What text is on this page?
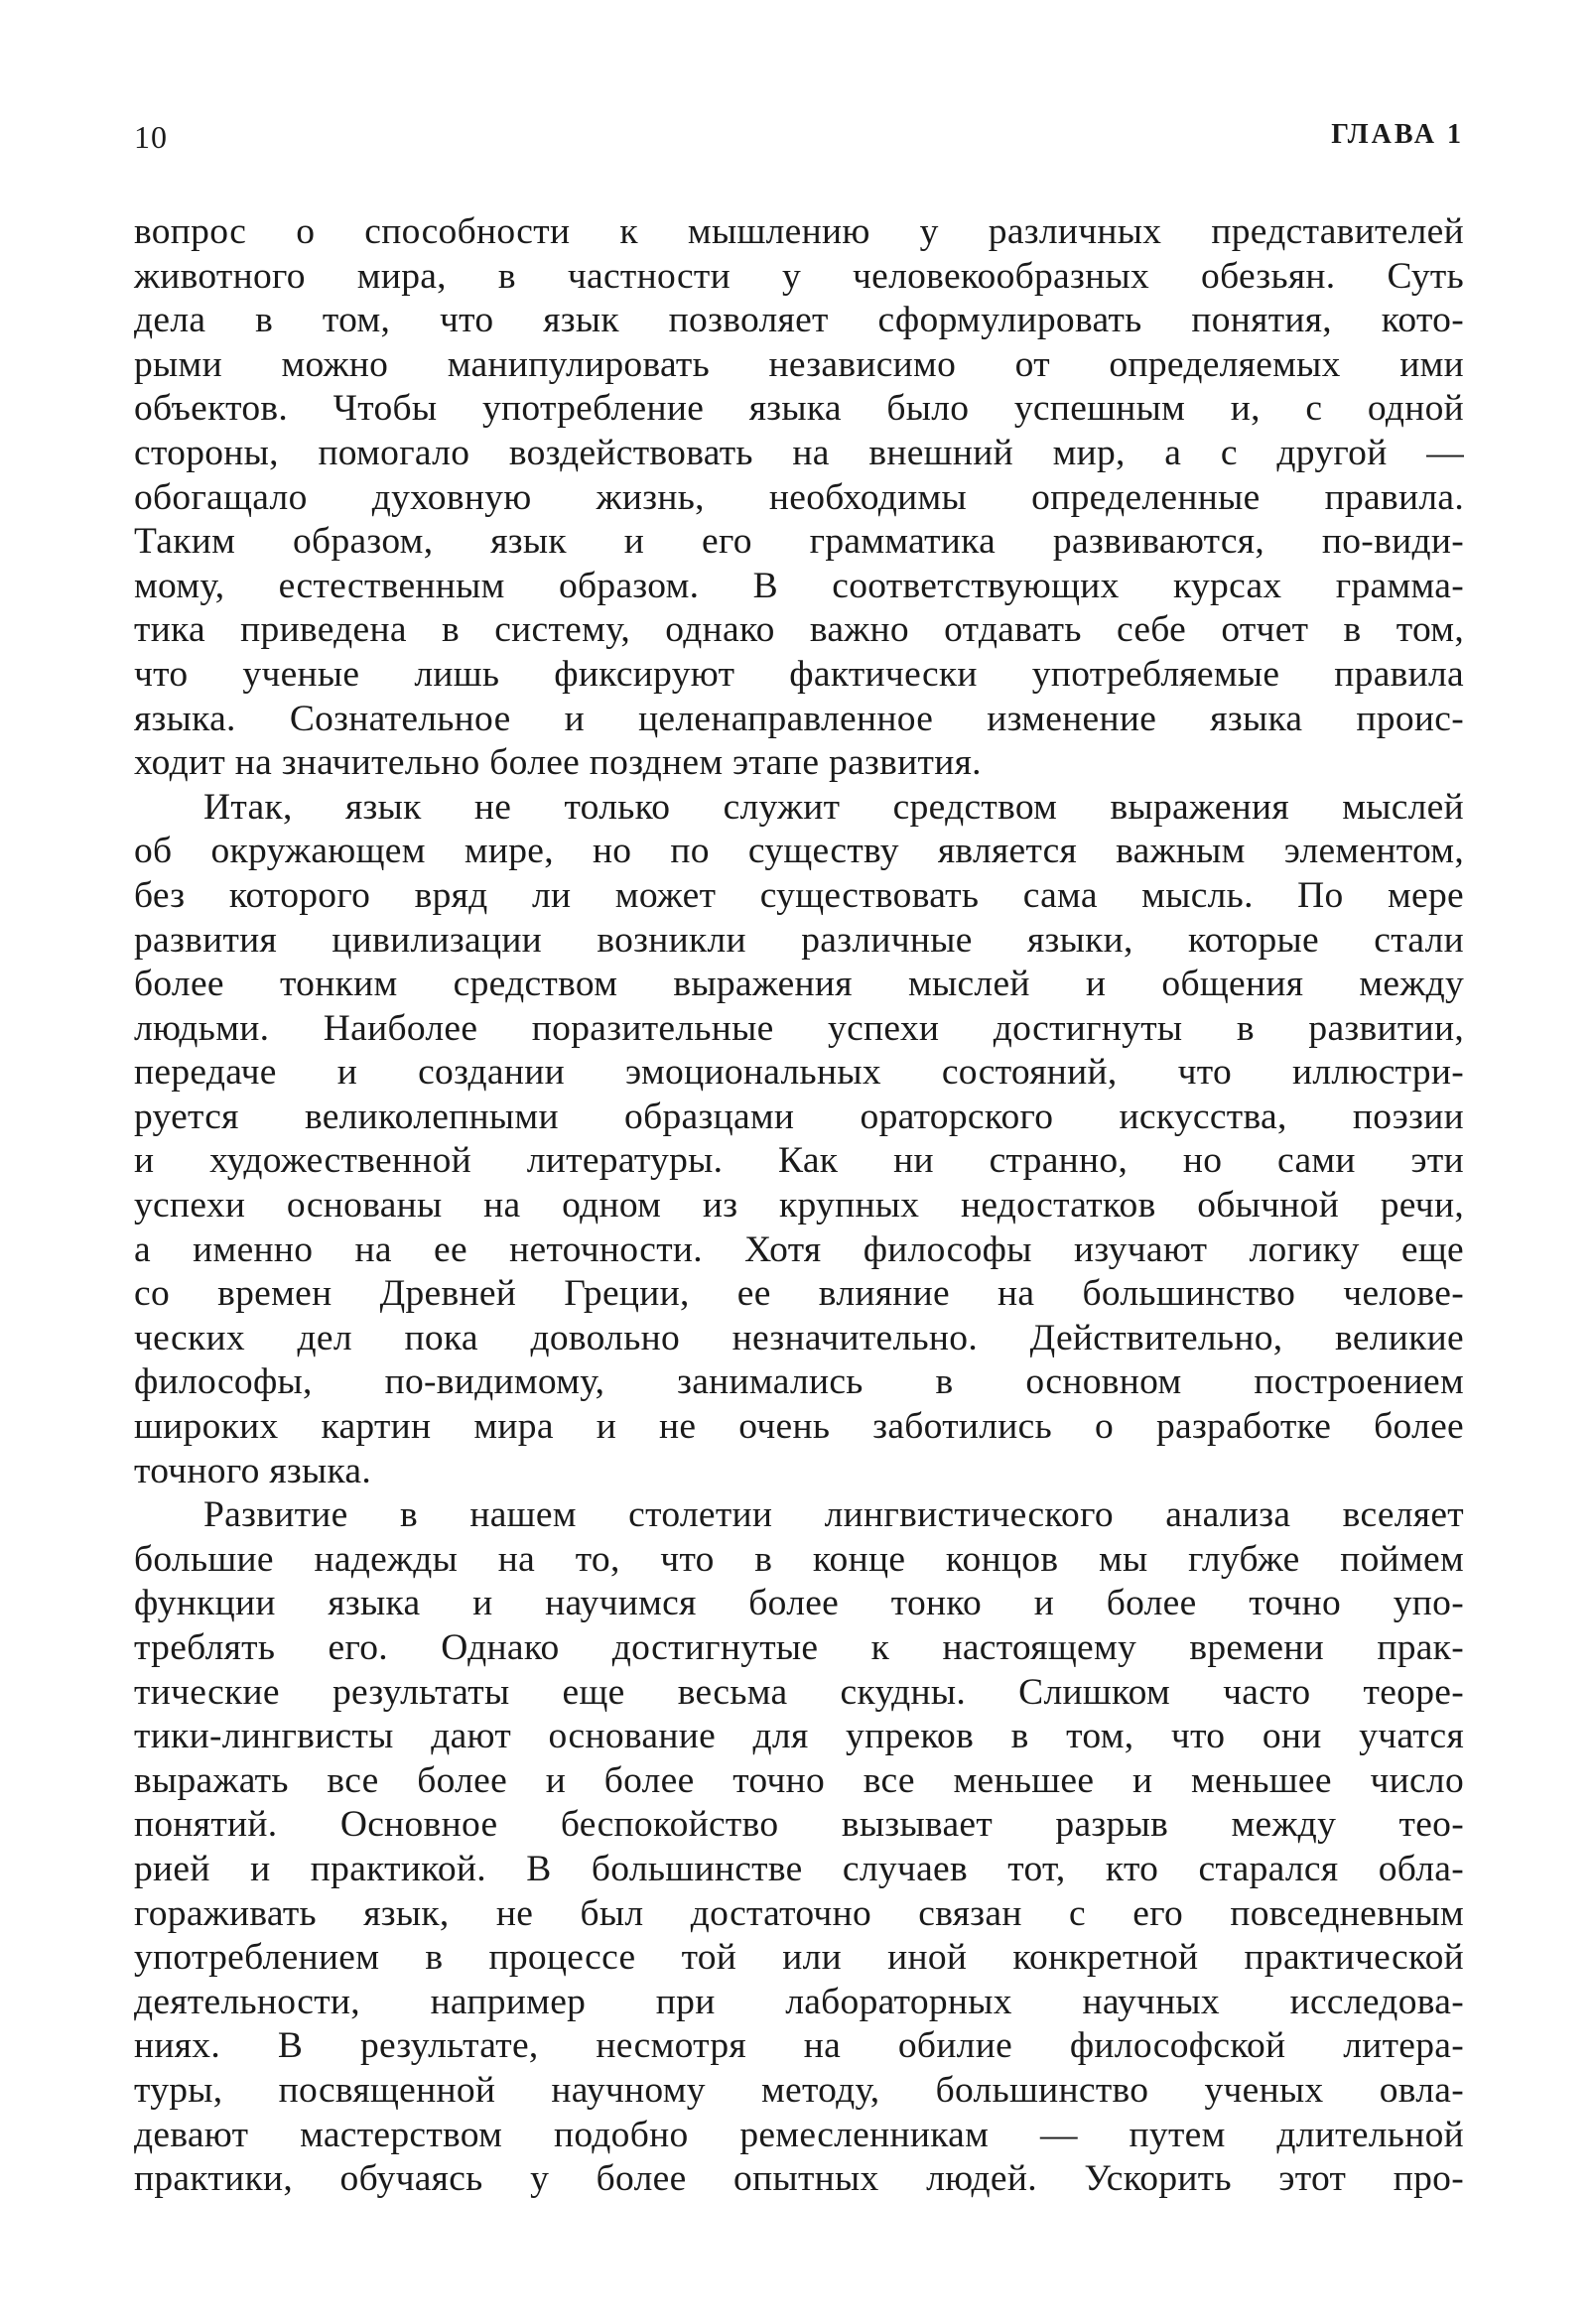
10	ГЛАВА 1
вопрос о способности к мышлению у различных представителей
животного мира, в частности у человекообразных обезьян. Суть
дела в том, что язык позволяет сформулировать понятия, кото-
рыми можно манипулировать независимо от определяемых ими
объектов. Чтобы употребление языка было успешным и, с одной
стороны, помогало воздействовать на внешний мир, а с другой —
обогащало духовную жизнь, необходимы определенные правила.
Таким образом, язык и его грамматика развиваются, по-види-
мому, естественным образом. В соответствующих курсах грамма-
тика приведена в систему, однако важно отдавать себе отчет в том,
что ученые лишь фиксируют фактически употребляемые правила
языка. Сознательное и целенаправленное изменение языка проис-
ходит на значительно более позднем этапе развития.
Итак, язык не только служит средством выражения мыслей
об окружающем мире, но по существу является важным элементом,
без которого вряд ли может существовать сама мысль. По мере
развития цивилизации возникли различные языки, которые стали
более тонким средством выражения мыслей и общения между
людьми. Наиболее поразительные успехи достигнуты в развитии,
передаче и создании эмоциональных состояний, что иллюстри-
руется великолепными образцами ораторского искусства, поэзии
и художественной литературы. Как ни странно, но сами эти
успехи основаны на одном из крупных недостатков обычной речи,
а именно на ее неточности. Хотя философы изучают логику еще
со времен Древней Греции, ее влияние на большинство челове-
ческих дел пока довольно незначительно. Действительно, великие
философы, по-видимому, занимались в основном построением
широких картин мира и не очень заботились о разработке более
точного языка.
Развитие в нашем столетии лингвистического анализа вселяет
большие надежды на то, что в конце концов мы глубже поймем
функции языка и научимся более тонко и более точно упо-
треблять его. Однако достигнутые к настоящему времени прак-
тические результаты еще весьма скудны. Слишком часто теоре-
тики-лингвисты дают основание для упреков в том, что они учатся
выражать все более и более точно все меньшее и меньшее число
понятий. Основное беспокойство вызывает разрыв между тео-
рией и практикой. В большинстве случаев тот, кто старался обла-
гораживать язык, не был достаточно связан с его повседневным
употреблением в процессе той или иной конкретной практической
деятельности, например при лабораторных научных исследова-
ниях. В результате, несмотря на обилие философской литера-
туры, посвященной научному методу, большинство ученых овла-
девают мастерством подобно ремесленникам — путем длительной
практики, обучаясь у более опытных людей. Ускорить этот про-
